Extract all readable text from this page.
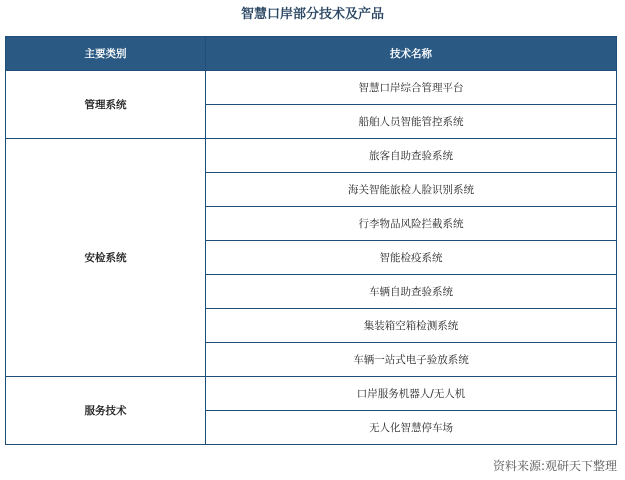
智慧口岸部分技术及产品
主要类别	技术名称
管理系统	智慧口岸综合管理平台
	船舶人员智能管控系统
安检系统	旅客自助查验系统
	海关智能旅检人脸识别系统
	行李物品风险拦截系统
	智能检疫系统
	车辆自助查验系统
	集装箱空箱检测系统
	车辆一站式电子验放系统
服务技术	口岸服务机器人/无人机
	无人化智慧停车场
资料来源:观研天下整理
